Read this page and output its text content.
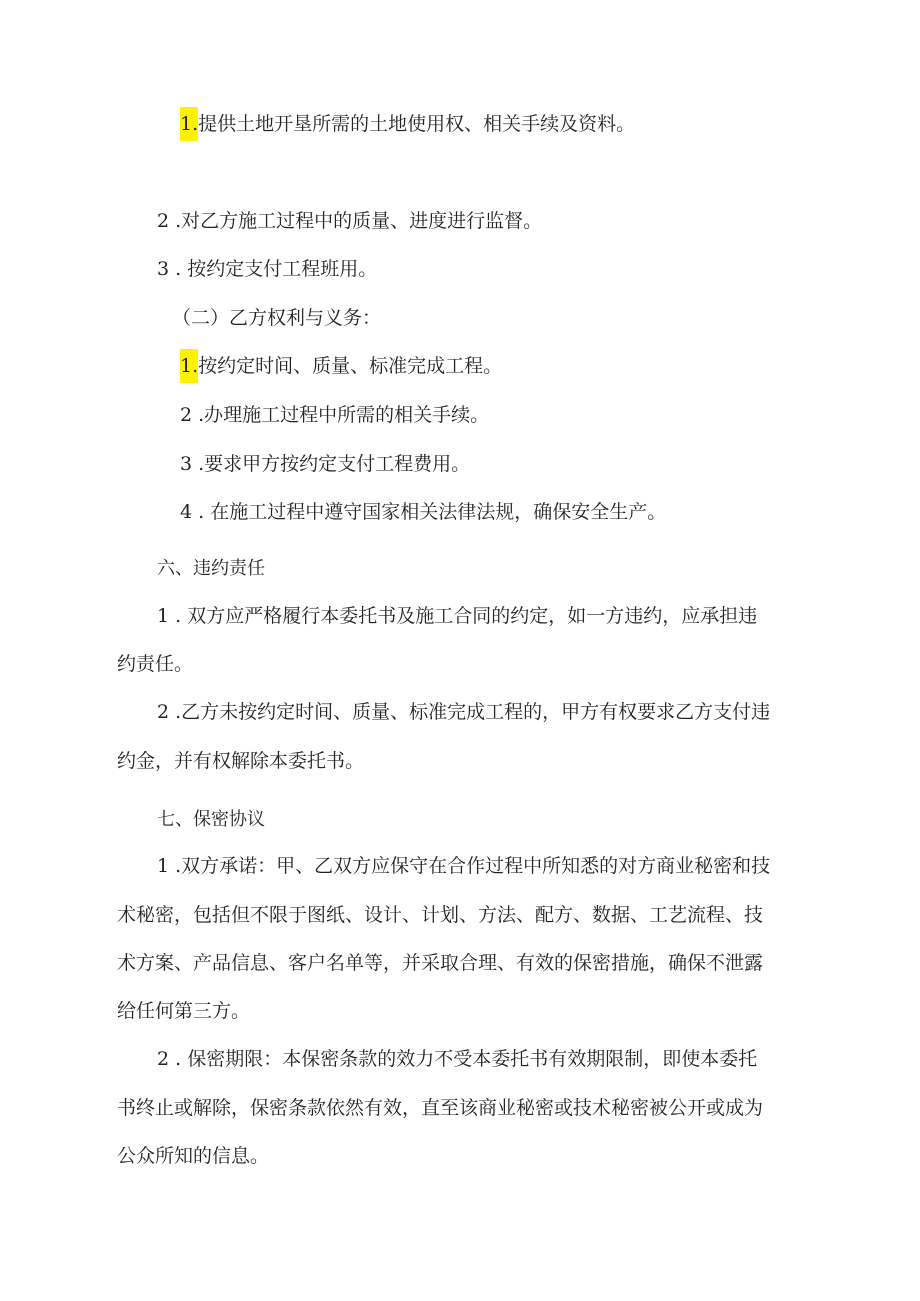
1.提供土地开垦所需的土地使用权、相关手续及资料。
2 .对乙方施工过程中的质量、进度进行监督。
3 . 按约定支付工程班用。
（二）乙方权利与义务：
1.按约定时间、质量、标准完成工程。
2 .办理施工过程中所需的相关手续。
3 .要求甲方按约定支付工程费用。
4 . 在施工过程中遵守国家相关法律法规，确保安全生产。
六、违约责任
1 . 双方应严格履行本委托书及施工合同的约定，如一方违约，应承担违
约责任。
2 .乙方未按约定时间、质量、标准完成工程的，甲方有权要求乙方支付违
约金，并有权解除本委托书。
七、保密协议
1 .双方承诺：甲、乙双方应保守在合作过程中所知悉的对方商业秘密和技
术秘密，包括但不限于图纸、设计、计划、方法、配方、数据、工艺流程、技
术方案、产品信息、客户名单等，并采取合理、有效的保密措施，确保不泄露
给任何第三方。
2 . 保密期限：本保密条款的效力不受本委托书有效期限制，即使本委托
书终止或解除，保密条款依然有效，直至该商业秘密或技术秘密被公开或成为
公众所知的信息。
